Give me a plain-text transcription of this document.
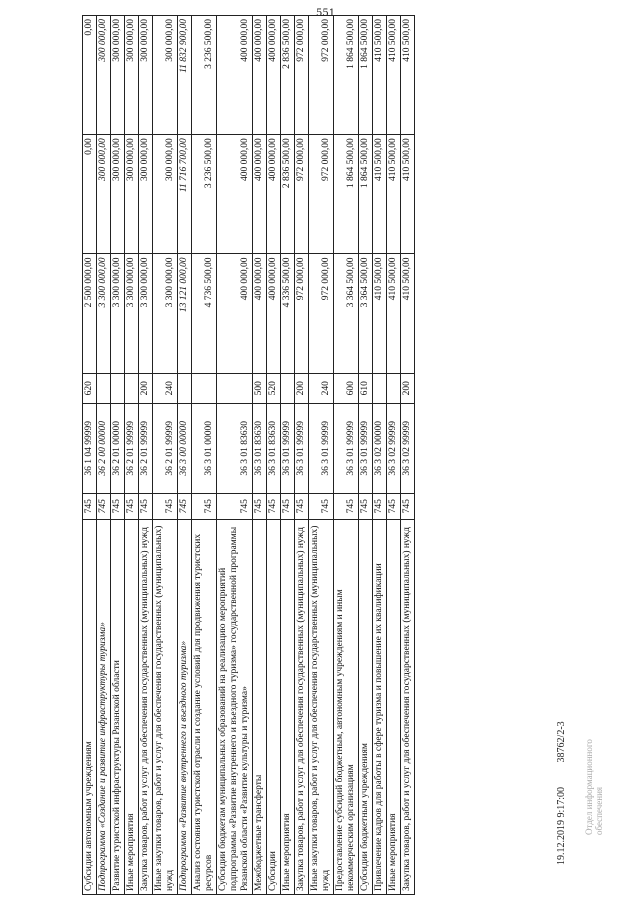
551
Субсидии автономным учреждениям	745	36 1 04 99999	620	2 500 000,00	0,00	0,00
Подпрограмма «Создание и развитие инфраструктуры туризма»	745	36 2 00 00000		3 300 000,00	300 000,00	300 000,00
Развитие туристской инфраструктуры Рязанской области	745	36 2 01 00000		3 300 000,00	300 000,00	300 000,00
Иные мероприятия	745	36 2 01 99999		3 300 000,00	300 000,00	300 000,00
Закупка товаров, работ и услуг для обеспечения государственных (муниципальных) нужд	745	36 2 01 99999	200	3 300 000,00	300 000,00	300 000,00
Иные закупки товаров, работ и услуг для обеспечения государственных (муниципальных) нужд	745	36 2 01 99999	240	3 300 000,00	300 000,00	300 000,00
Подпрограмма «Развитие внутреннего и въездного туризма»	745	36 3 00 00000		13 121 000,00	11 716 700,00	11 832 900,00
Анализ состояния туристской отрасли и создание условий для продвижения туристских ресурсов	745	36 3 01 00000		4 736 500,00	3 236 500,00	3 236 500,00
Субсидии бюджетам муниципальных образований на реализацию мероприятий подпрограммы «Развитие внутреннего и въездного туризма» государственной программы Рязанской области «Развитие культуры и туризма»	745	36 3 01 83630		400 000,00	400 000,00	400 000,00
Межбюджетные трансферты	745	36 3 01 83630	500	400 000,00	400 000,00	400 000,00
Субсидии	745	36 3 01 83630	520	400 000,00	400 000,00	400 000,00
Иные мероприятия	745	36 3 01 99999		4 336 500,00	2 836 500,00	2 836 500,00
Закупка товаров, работ и услуг для обеспечения государственных (муниципальных) нужд	745	36 3 01 99999	200	972 000,00	972 000,00	972 000,00
Иные закупки товаров, работ и услуг для обеспечения государственных (муниципальных) нужд	745	36 3 01 99999	240	972 000,00	972 000,00	972 000,00
Предоставление субсидий бюджетным, автономным учреждениям и иным некоммерческим организациям	745	36 3 01 99999	600	3 364 500,00	1 864 500,00	1 864 500,00
Субсидии бюджетным учреждениям	745	36 3 01 99999	610	3 364 500,00	1 864 500,00	1 864 500,00
Привлечение кадров для работы в сфере туризма и повышение их квалификации	745	36 3 02 00000		410 500,00	410 500,00	410 500,00
Иные мероприятия	745	36 3 02 99999		410 500,00	410 500,00	410 500,00
Закупка товаров, работ и услуг для обеспечения государственных (муниципальных) нужд	745	36 3 02 99999	200	410 500,00	410 500,00	410 500,00
19.12.2019 9:17:00 38762/2-3 Отдел информационного обеспечения
